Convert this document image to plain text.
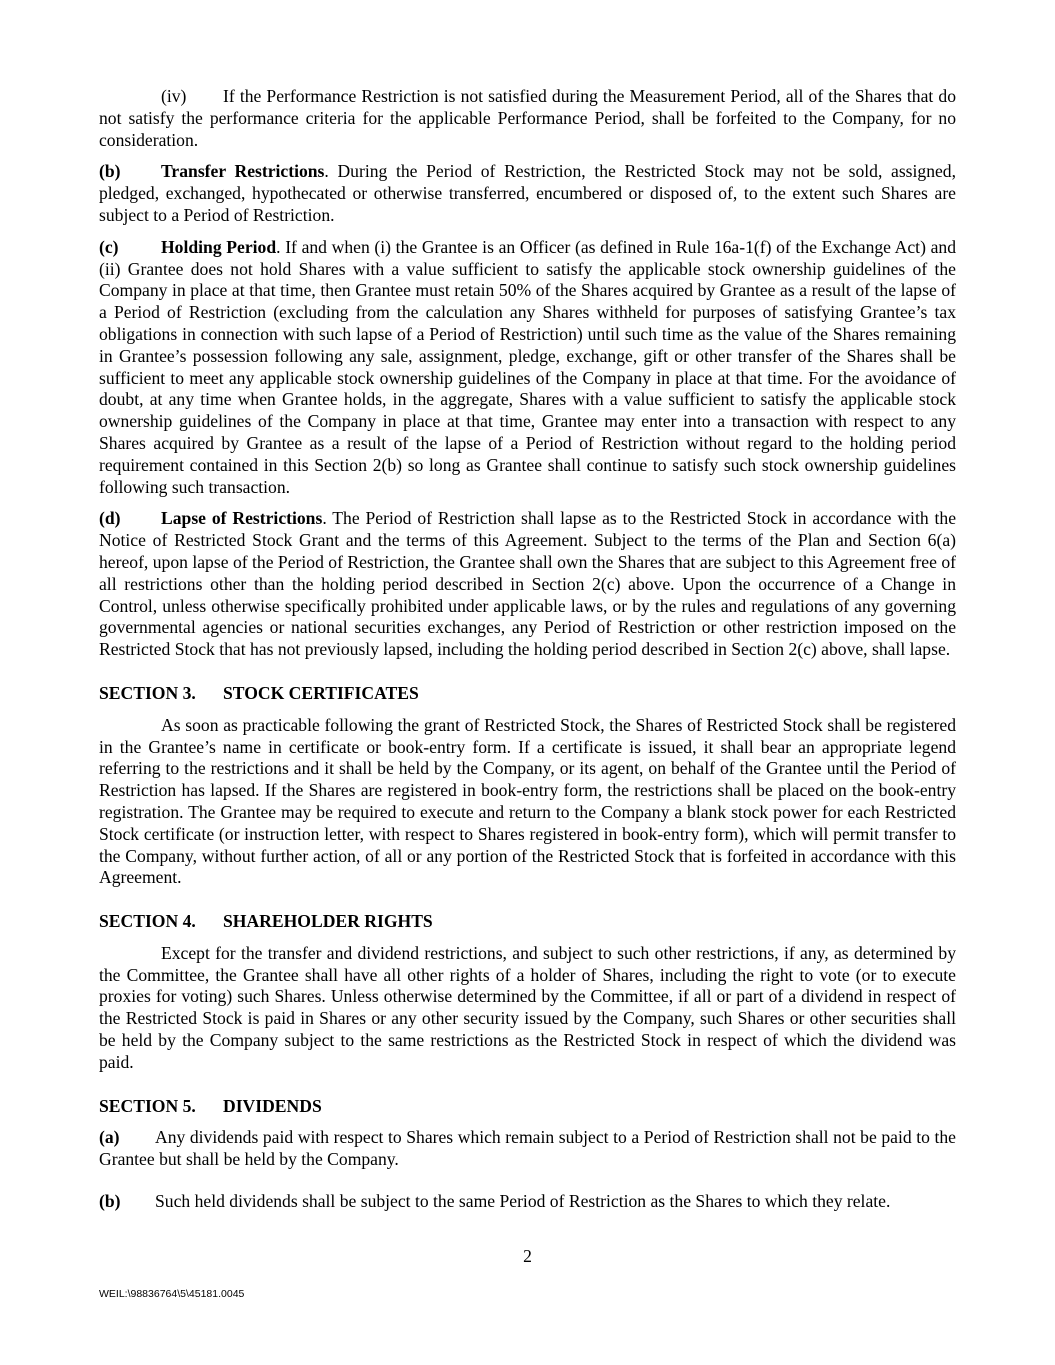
(iv) If the Performance Restriction is not satisfied during the Measurement Period, all of the Shares that do not satisfy the performance criteria for the applicable Performance Period, shall be forfeited to the Company, for no consideration.

(b) Transfer Restrictions. During the Period of Restriction, the Restricted Stock may not be sold, assigned, pledged, exchanged, hypothecated or otherwise transferred, encumbered or disposed of, to the extent such Shares are subject to a Period of Restriction.

(c) Holding Period. If and when (i) the Grantee is an Officer (as defined in Rule 16a-1(f) of the Exchange Act) and (ii) Grantee does not hold Shares with a value sufficient to satisfy the applicable stock ownership guidelines of the Company in place at that time, then Grantee must retain 50% of the Shares acquired by Grantee as a result of the lapse of a Period of Restriction (excluding from the calculation any Shares withheld for purposes of satisfying Grantee’s tax obligations in connection with such lapse of a Period of Restriction) until such time as the value of the Shares remaining in Grantee’s possession following any sale, assignment, pledge, exchange, gift or other transfer of the Shares shall be sufficient to meet any applicable stock ownership guidelines of the Company in place at that time. For the avoidance of doubt, at any time when Grantee holds, in the aggregate, Shares with a value sufficient to satisfy the applicable stock ownership guidelines of the Company in place at that time, Grantee may enter into a transaction with respect to any Shares acquired by Grantee as a result of the lapse of a Period of Restriction without regard to the holding period requirement contained in this Section 2(b) so long as Grantee shall continue to satisfy such stock ownership guidelines following such transaction.

(d) Lapse of Restrictions. The Period of Restriction shall lapse as to the Restricted Stock in accordance with the Notice of Restricted Stock Grant and the terms of this Agreement. Subject to the terms of the Plan and Section 6(a) hereof, upon lapse of the Period of Restriction, the Grantee shall own the Shares that are subject to this Agreement free of all restrictions other than the holding period described in Section 2(c) above. Upon the occurrence of a Change in Control, unless otherwise specifically prohibited under applicable laws, or by the rules and regulations of any governing governmental agencies or national securities exchanges, any Period of Restriction or other restriction imposed on the Restricted Stock that has not previously lapsed, including the holding period described in Section 2(c) above, shall lapse.

SECTION 3. STOCK CERTIFICATES

As soon as practicable following the grant of Restricted Stock, the Shares of Restricted Stock shall be registered in the Grantee’s name in certificate or book-entry form. If a certificate is issued, it shall bear an appropriate legend referring to the restrictions and it shall be held by the Company, or its agent, on behalf of the Grantee until the Period of Restriction has lapsed. If the Shares are registered in book-entry form, the restrictions shall be placed on the book-entry registration. The Grantee may be required to execute and return to the Company a blank stock power for each Restricted Stock certificate (or instruction letter, with respect to Shares registered in book-entry form), which will permit transfer to the Company, without further action, of all or any portion of the Restricted Stock that is forfeited in accordance with this Agreement.

SECTION 4. SHAREHOLDER RIGHTS

Except for the transfer and dividend restrictions, and subject to such other restrictions, if any, as determined by the Committee, the Grantee shall have all other rights of a holder of Shares, including the right to vote (or to execute proxies for voting) such Shares. Unless otherwise determined by the Committee, if all or part of a dividend in respect of the Restricted Stock is paid in Shares or any other security issued by the Company, such Shares or other securities shall be held by the Company subject to the same restrictions as the Restricted Stock in respect of which the dividend was paid.

SECTION 5. DIVIDENDS

(a) Any dividends paid with respect to Shares which remain subject to a Period of Restriction shall not be paid to the Grantee but shall be held by the Company.

(b) Such held dividends shall be subject to the same Period of Restriction as the Shares to which they relate.

2
WEIL:\98836764\5\45181.0045
